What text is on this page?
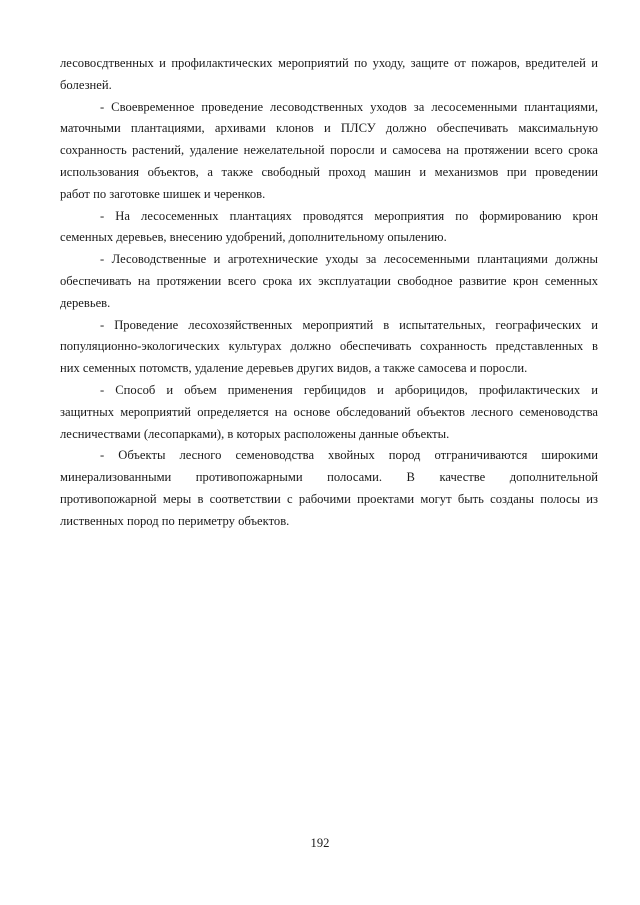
лесовосдтвенных и профилактических мероприятий по уходу, защите от пожаров, вредителей и
болезней.
- Своевременное проведение лесоводственных уходов за лесосеменными плантациями,
маточными плантациями, архивами клонов и ПЛСУ должно обеспечивать максимальную
сохранность растений, удаление нежелательной поросли и самосева на протяжении всего срока
использования объектов, а также свободный проход машин и механизмов при проведении
работ по заготовке шишек и черенков.
- На лесосеменных плантациях проводятся мероприятия по формированию крон
семенных деревьев, внесению удобрений, дополнительному опылению.
- Лесоводственные и агротехнические уходы за лесосеменными плантациями должны
обеспечивать на протяжении всего срока их эксплуатации свободное развитие крон семенных
деревьев.
- Проведение лесохозяйственных мероприятий в испытательных, географических и
популяционно-экологических культурах должно обеспечивать сохранность представленных в
них семенных потомств, удаление деревьев других видов, а также самосева и поросли.
- Способ и объем применения гербицидов и арборицидов, профилактических и
защитных мероприятий определяется на основе обследований объектов лесного семеноводства
лесничествами (лесопарками), в которых расположены данные объекты.
- Объекты лесного семеноводства хвойных пород отграничиваются широкими
минерализованными противопожарными полосами. В качестве дополнительной
противопожарной меры в соответствии с рабочими проектами могут быть созданы полосы из
лиственных пород по периметру объектов.
192
